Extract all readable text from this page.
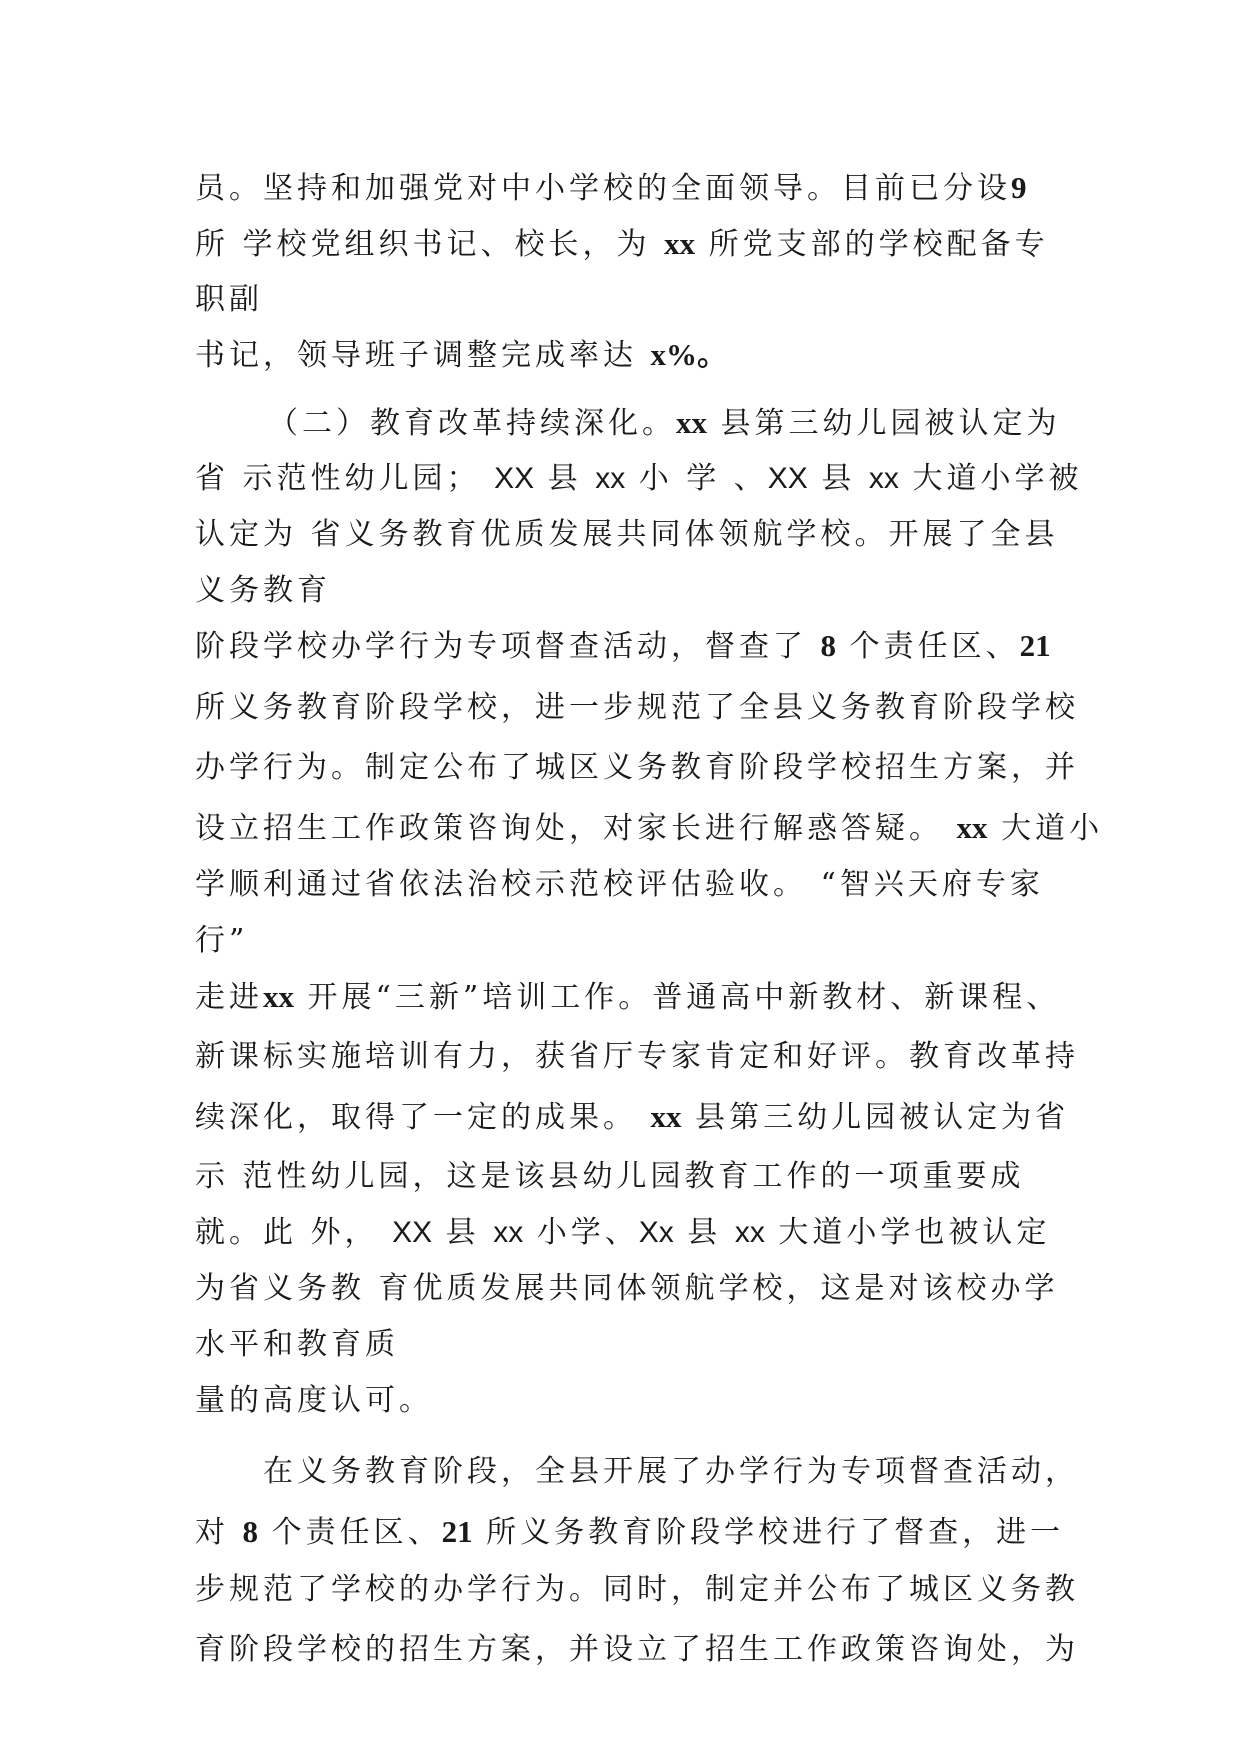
员。坚持和加强党对中小学校的全面领导。目前已分设9

所 学校党组织书记、校长，为 xx 所党支部的学校配备专

职副

书记，领导班子调整完成率达 x%。

（二）教育改革持续深化。xx 县第三幼儿园被认定为

省 示范性幼儿园； XX 县 xx 小 学 、XX 县 xx 大道小学被

认定为 省义务教育优质发展共同体领航学校。开展了全县

义务教育

阶段学校办学行为专项督查活动，督查了 8 个责任区、21

所义务教育阶段学校，进一步规范了全县义务教育阶段学校

办学行为。制定公布了城区义务教育阶段学校招生方案，并

设立招生工作政策咨询处，对家长进行解惑答疑。 xx 大道小

学顺利通过省依法治校示范校评估验收。 “智兴天府专家

行”

走进xx 开展“三新”培训工作。普通高中新教材、新课程、

新课标实施培训有力，获省厅专家肯定和好评。教育改革持

续深化，取得了一定的成果。 xx 县第三幼儿园被认定为省

示 范性幼儿园，这是该县幼儿园教育工作的一项重要成

就。此 外， XX 县 xx 小学、Xx 县 xx 大道小学也被认定

为省义务教 育优质发展共同体领航学校，这是对该校办学

水平和教育质

量的高度认可。

在义务教育阶段，全县开展了办学行为专项督查活动，

对 8 个责任区、21 所义务教育阶段学校进行了督查，进一

步规范了学校的办学行为。同时，制定并公布了城区义务教

育阶段学校的招生方案，并设立了招生工作政策咨询处，为
